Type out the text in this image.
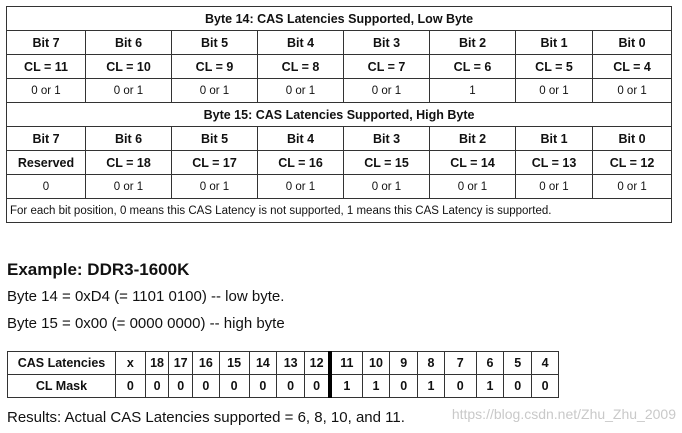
Byte 14: CAS Latencies Supported, Low Byte							
Bit 7	Bit 6	Bit 5	Bit 4	Bit 3	Bit 2	Bit 1	Bit 0
CL = 11	CL = 10	CL = 9	CL = 8	CL = 7	CL = 6	CL = 5	CL = 4
0 or 1	0 or 1	0 or 1	0 or 1	0 or 1	1	0 or 1	0 or 1
Byte 15: CAS Latencies Supported, High Byte							
Bit 7	Bit 6	Bit 5	Bit 4	Bit 3	Bit 2	Bit 1	Bit 0
Reserved	CL = 18	CL = 17	CL = 16	CL = 15	CL = 14	CL = 13	CL = 12
0	0 or 1	0 or 1	0 or 1	0 or 1	0 or 1	0 or 1	0 or 1
For each bit position, 0 means this CAS Latency is not supported, 1 means this CAS Latency is supported.							
Example: DDR3-1600K
Byte 14 = 0xD4 (= 1101 0100) -- low byte.
Byte 15 = 0x00 (= 0000 0000) -- high byte
CAS Latencies	x	18	17	16	15	14	13	12	11	10	9	8	7	6	5	4
CL Mask	0	0	0	0	0	0	0	0	1	1	0	1	0	1	0	0
Results: Actual CAS Latencies supported = 6, 8, 10, and 11.	https://blog.csdn.net/Zhu_Zhu_2009
